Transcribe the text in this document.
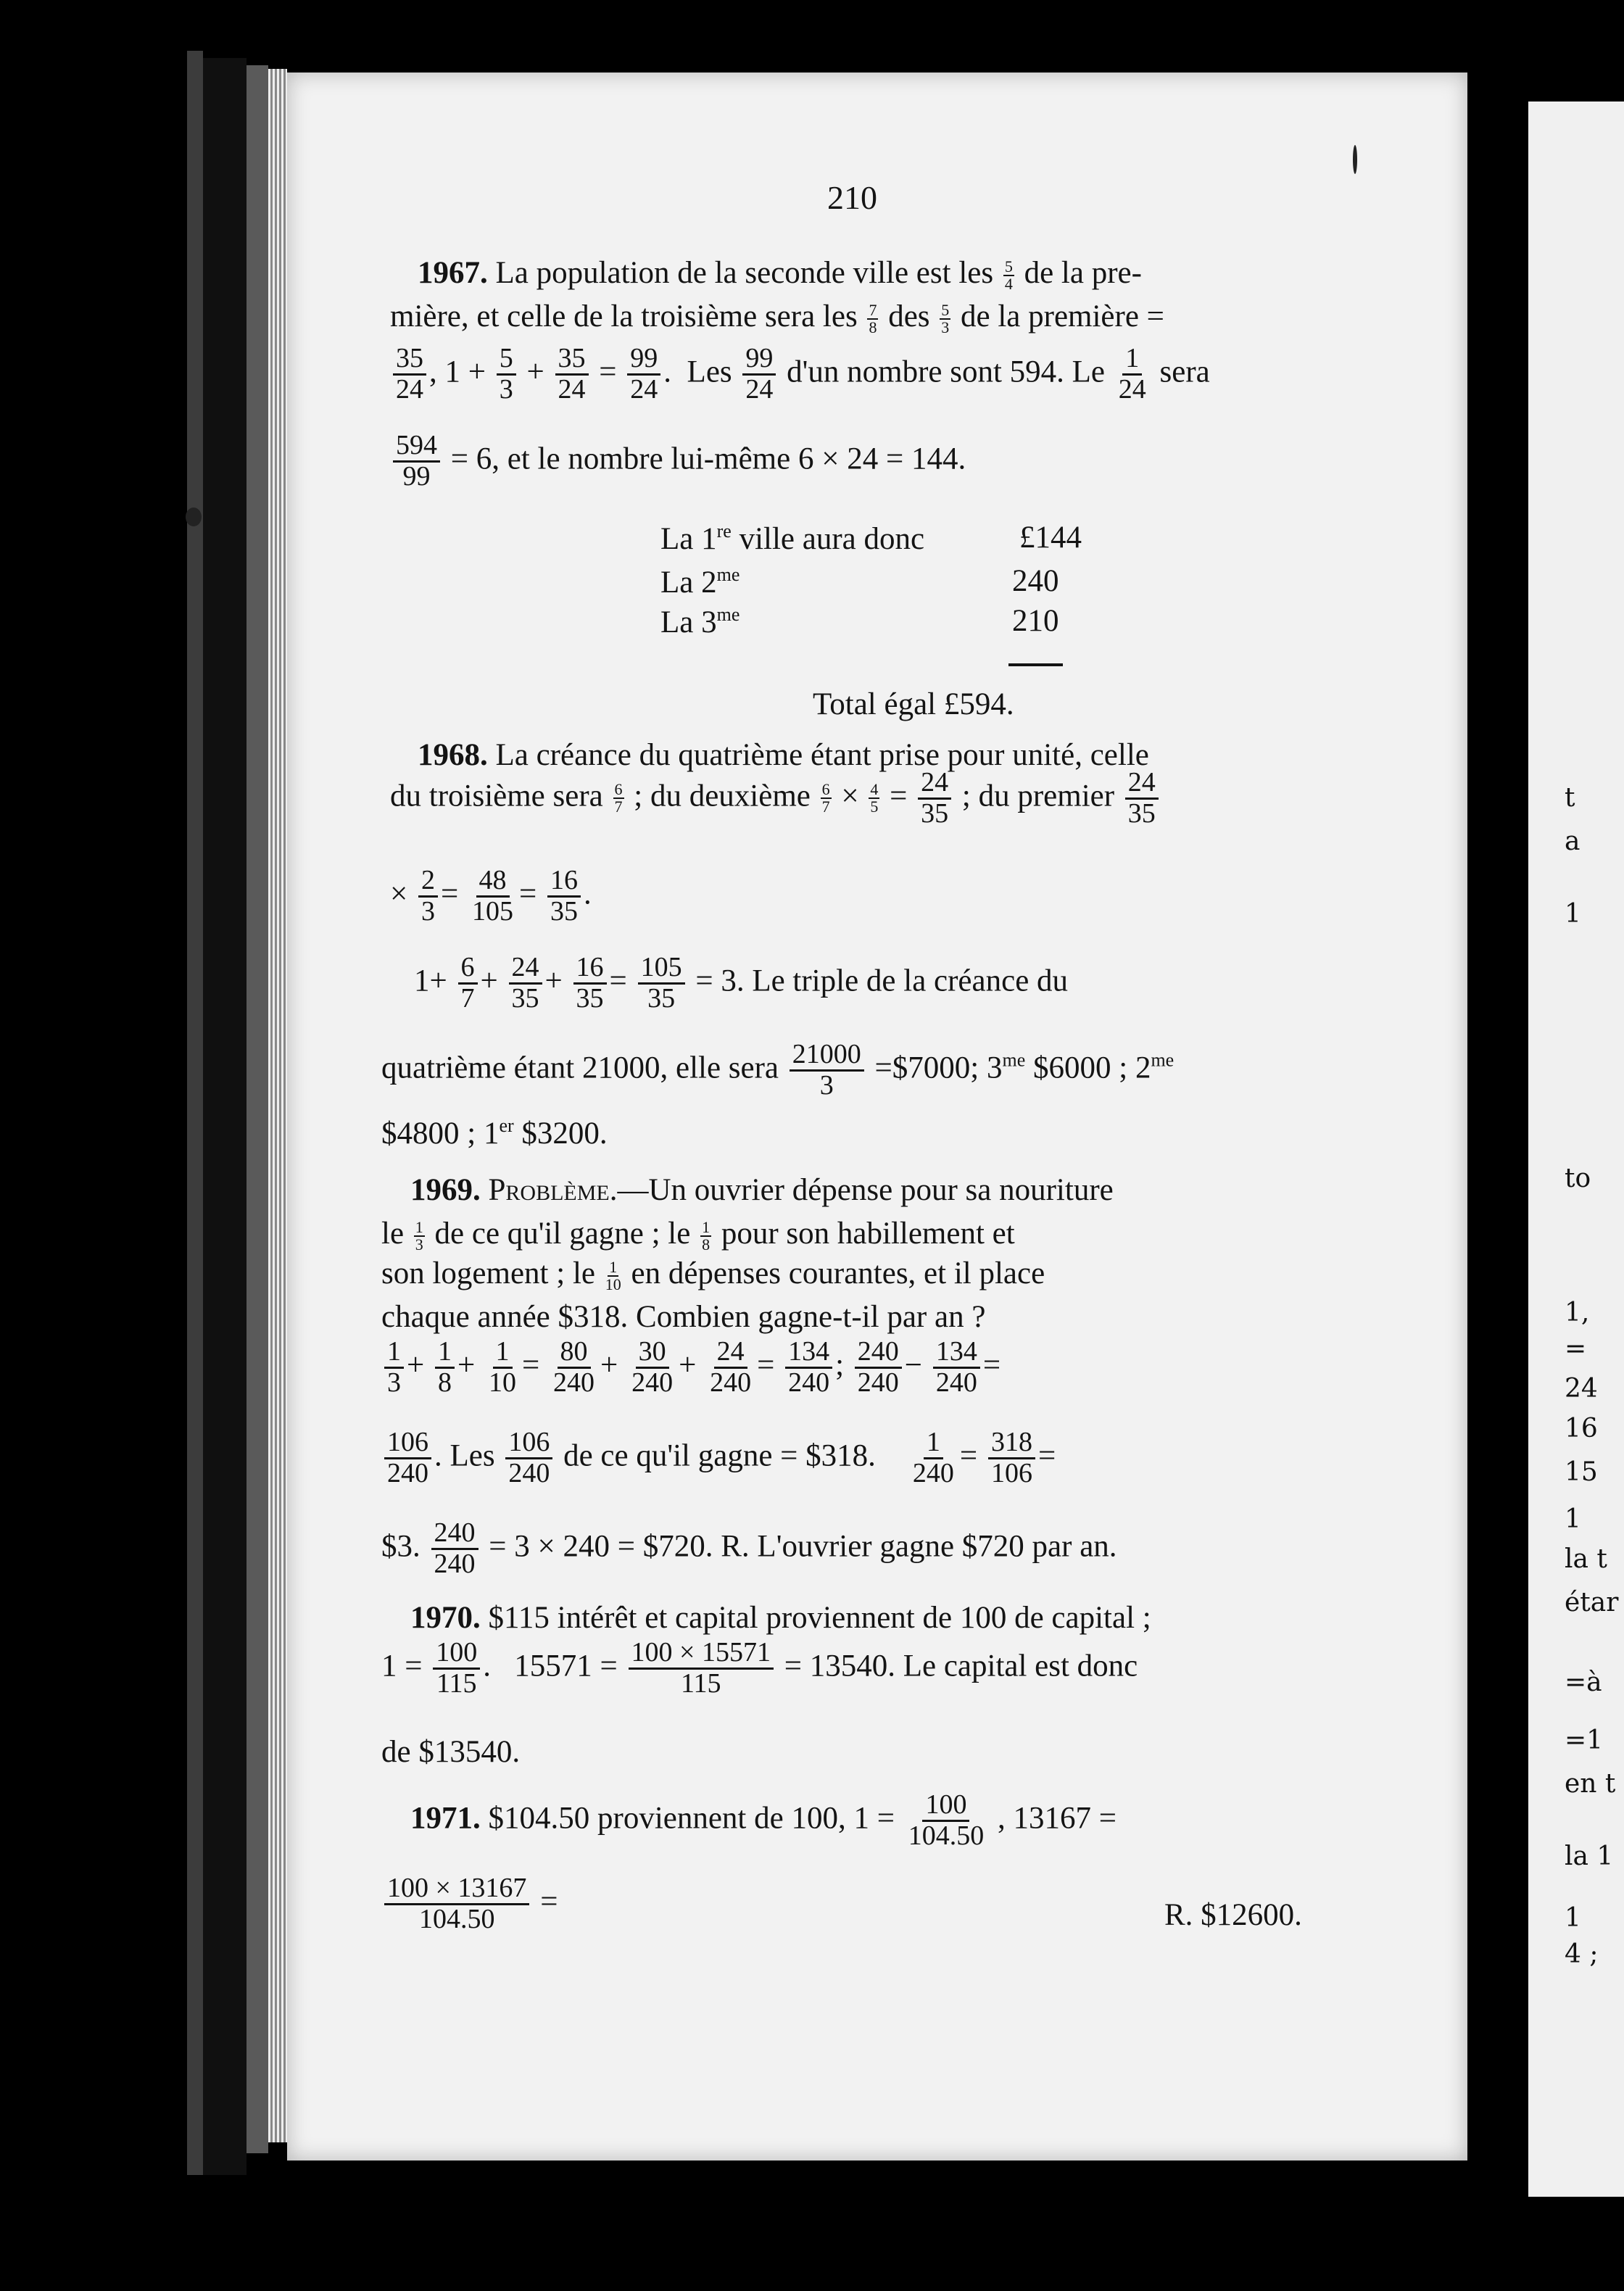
t
a
1
to
1,
=
24
16
15
1
la t
étar
=à
=1
en t
la 1
1
4 ;
210
1967. La population de la seconde ville est les $\frac{5}{4}$ de la pre-
mière, et celle de la troisième sera les $\frac{7}{8}$ des $\frac{5}{3}$ de la première =
$\frac{35}{24}$ , $1 + \frac{5}{3} + \frac{35}{24} = \frac{99}{24}$ .  Les $\frac{99}{24} d'un$ nombre sont 594. Le $\frac{1}{24}$ sera
$\frac{594}{99} = 6$, et le nombre lui-même 6 × 24 = 144.
La 1re ville aura donc	£144
La $2^{me}$	240
La $3^{me}$	210
Total égal £594.
1968. La créance du quatrième étant prise pour unité, celle
du troisième sera $\frac{6}{7}$ ; du deuxième $\frac{6}{7} \times \frac{4}{5} = \frac{24}{35}$ ; du premier $\frac{24}{35}$
× $\frac{2}{3} = \frac{48}{105} = \frac{16}{35}$ .
$1+ \frac{6}{7} + \frac{24}{35} + \frac{16}{35} = \frac{105}{35} = 3$. Le triple de la créance du
quatrième étant 21000, elle sera $\frac{21000}{3}$ =$7000; $3^{me}$ $6000 ; $2^{me}$
$4800 ; 1er $3200.
1969. Problème.—Un ouvrier dépense pour sa nouriture
le $\frac{1}{3}$ de ce qu'il gagne ; le $\frac{1}{8}$ pour son habillement et
son logement ; le $\frac{1}{10}$ en dépenses courantes, et il place
chaque année $318. Combien gagne-t-il par an ?
$\frac{1}{3} + \frac{1}{8} + \frac{1}{10} = \frac{80}{240} + \frac{30}{240} + \frac{24}{240} = \frac{134}{240}$ ; $\frac{240}{240} - \frac{134}{240}$ =
$\frac{106}{240}$ . Les $\frac{106}{240}$ de ce qu'il gagne = $318. $\frac{1}{240} = \frac{318}{106}$ =
$3. $\frac{240}{240} = 3 \times 240$ = $720. R. L'ouvrier gagne $720 par an.
1970. $115 intérêt et capital proviennent de 100 de capital ;
$1 = \frac{100}{115}$ .   $15571 = \frac{100 \times 15571}{115} = 13540$. Le capital est donc
de $13540.
1971. $104.50 proviennent de 100, $1 = \frac{100}{104.50}$ , 13167 =
$\frac{100 \times 13167}{104.50}$ =	R. $12600.
